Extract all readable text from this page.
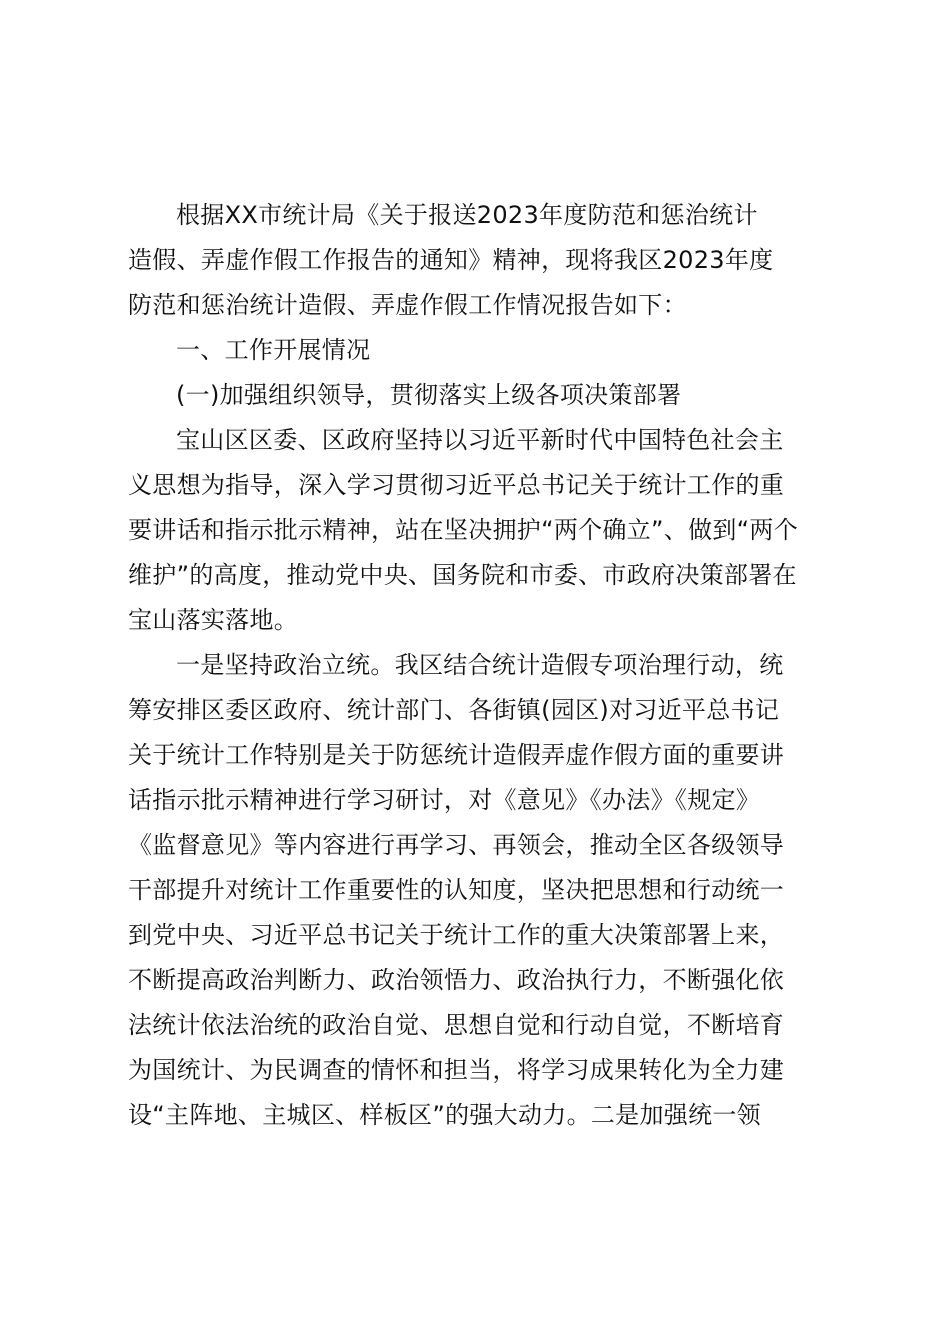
根据XX市统计局《关于报送2023年度防范和惩治统计
造假、弄虚作假工作报告的通知》精神，现将我区2023年度
防范和惩治统计造假、弄虚作假工作情况报告如下：
一、工作开展情况
(一)加强组织领导，贯彻落实上级各项决策部署
宝山区区委、区政府坚持以习近平新时代中国特色社会主
义思想为指导，深入学习贯彻习近平总书记关于统计工作的重
要讲话和指示批示精神，站在坚决拥护“两个确立”、做到“两个
维护”的高度，推动党中央、国务院和市委、市政府决策部署在
宝山落实落地。
一是坚持政治立统。我区结合统计造假专项治理行动，统
筹安排区委区政府、统计部门、各街镇(园区)对习近平总书记
关于统计工作特别是关于防惩统计造假弄虚作假方面的重要讲
话指示批示精神进行学习研讨，对《意见》《办法》《规定》
《监督意见》等内容进行再学习、再领会，推动全区各级领导
干部提升对统计工作重要性的认知度，坚决把思想和行动统一
到党中央、习近平总书记关于统计工作的重大决策部署上来，
不断提高政治判断力、政治领悟力、政治执行力，不断强化依
法统计依法治统的政治自觉、思想自觉和行动自觉，不断培育
为国统计、为民调查的情怀和担当，将学习成果转化为全力建
设“主阵地、主城区、样板区”的强大动力。二是加强统一领
